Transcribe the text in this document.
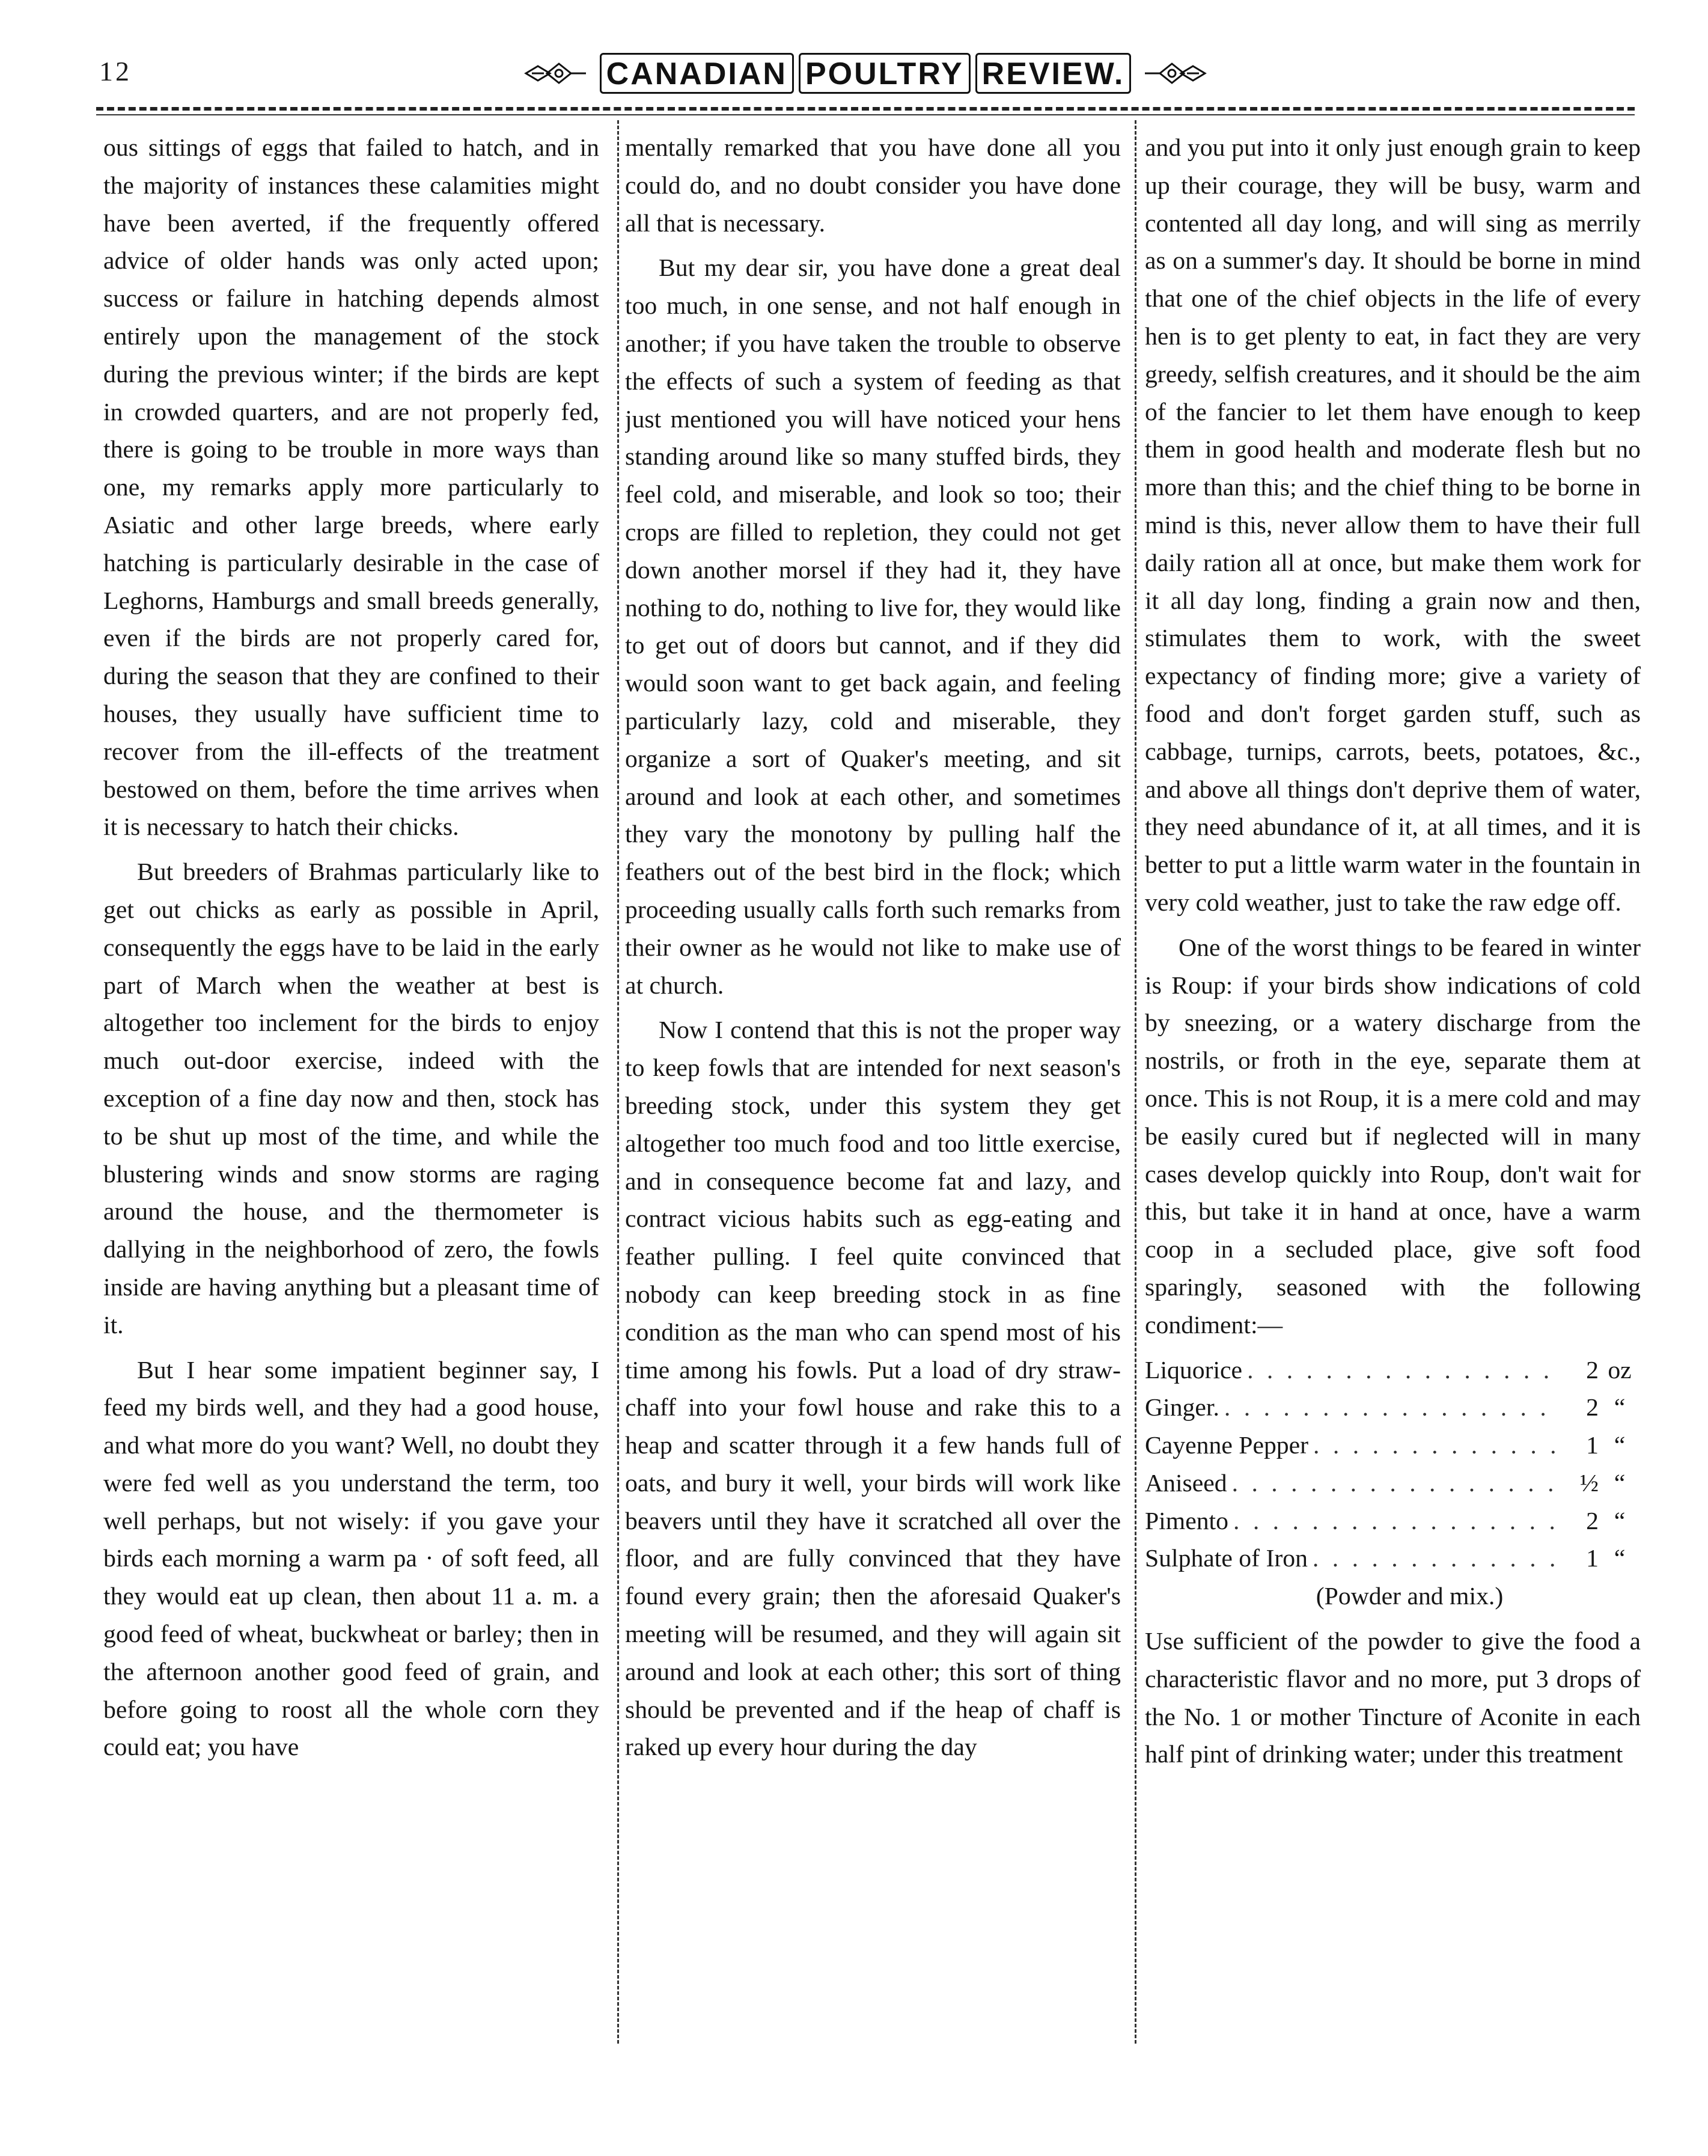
12	CANADIAN POULTRY REVIEW.

ous sittings of eggs that failed to hatch, and in the majority of instances these calamities might have been averted, if the frequently offered advice of older hands was only acted upon; success or failure in hatching depends almost entirely upon the management of the stock during the previous winter; if the birds are kept in crowded quarters, and are not properly fed, there is going to be trouble in more ways than one, my remarks apply more particularly to Asiatic and other large breeds, where early hatching is particularly desirable in the case of Leghorns, Hamburgs and small breeds generally, even if the birds are not properly cared for, during the season that they are confined to their houses, they usually have sufficient time to recover from the ill-effects of the treatment bestowed on them, before the time arrives when it is necessary to hatch their chicks.

But breeders of Brahmas particularly like to get out chicks as early as possible in April, consequently the eggs have to be laid in the early part of March when the weather at best is altogether too inclement for the birds to enjoy much out-door exercise, indeed with the exception of a fine day now and then, stock has to be shut up most of the time, and while the blustering winds and snow storms are raging around the house, and the thermometer is dallying in the neighborhood of zero, the fowls inside are having anything but a pleasant time of it.

But I hear some impatient beginner say, I feed my birds well, and they had a good house, and what more do you want? Well, no doubt they were fed well as you understand the term, too well perhaps, but not wisely: if you gave your birds each morning a warm pa · of soft feed, all they would eat up clean, then about 11 a. m. a good feed of wheat, buckwheat or barley; then in the afternoon another good feed of grain, and before going to roost all the whole corn they could eat; you have

mentally remarked that you have done all you could do, and no doubt consider you have done all that is necessary.

But my dear sir, you have done a great deal too much, in one sense, and not half enough in another; if you have taken the trouble to observe the effects of such a system of feeding as that just mentioned you will have noticed your hens standing around like so many stuffed birds, they feel cold, and miserable, and look so too; their crops are filled to repletion, they could not get down another morsel if they had it, they have nothing to do, nothing to live for, they would like to get out of doors but cannot, and if they did would soon want to get back again, and feeling particularly lazy, cold and miserable, they organize a sort of Quaker's meeting, and sit around and look at each other, and sometimes they vary the monotony by pulling half the feathers out of the best bird in the flock; which proceeding usually calls forth such remarks from their owner as he would not like to make use of at church.

Now I contend that this is not the proper way to keep fowls that are intended for next season's breeding stock, under this system they get altogether too much food and too little exercise, and in consequence become fat and lazy, and contract vicious habits such as egg-eating and feather pulling. I feel quite convinced that nobody can keep breeding stock in as fine condition as the man who can spend most of his time among his fowls. Put a load of dry straw-chaff into your fowl house and rake this to a heap and scatter through it a few hands full of oats, and bury it well, your birds will work like beavers until they have it scratched all over the floor, and are fully convinced that they have found every grain; then the aforesaid Quaker's meeting will be resumed, and they will again sit around and look at each other; this sort of thing should be prevented and if the heap of chaff is raked up every hour during the day

and you put into it only just enough grain to keep up their courage, they will be busy, warm and contented all day long, and will sing as merrily as on a summer's day. It should be borne in mind that one of the chief objects in the life of every hen is to get plenty to eat, in fact they are very greedy, selfish creatures, and it should be the aim of the fancier to let them have enough to keep them in good health and moderate flesh but no more than this; and the chief thing to be borne in mind is this, never allow them to have their full daily ration all at once, but make them work for it all day long, finding a grain now and then, stimulates them to work, with the sweet expectancy of finding more; give a variety of food and don't forget garden stuff, such as cabbage, turnips, carrots, beets, potatoes, &c., and above all things don't deprive them of water, they need abundance of it, at all times, and it is better to put a little warm water in the fountain in very cold weather, just to take the raw edge off.

One of the worst things to be feared in winter is Roup: if your birds show indications of cold by sneezing, or a watery discharge from the nostrils, or froth in the eye, separate them at once. This is not Roup, it is a mere cold and may be easily cured but if neglected will in many cases develop quickly into Roup, don't wait for this, but take it in hand at once, have a warm coop in a secluded place, give soft food sparingly, seasoned with the following condiment:—

Liquorice . . .	2 oz
Ginger. . . .	2 “
Cayenne Pepper . . .	1 “
Aniseed . . .	½ “
Pimento . . .	2 “
Sulphate of Iron . . .	1 “

(Powder and mix.)

Use sufficient of the powder to give the food a characteristic flavor and no more, put 3 drops of the No. 1 or mother Tincture of Aconite in each half pint of drinking water; under this treatment
